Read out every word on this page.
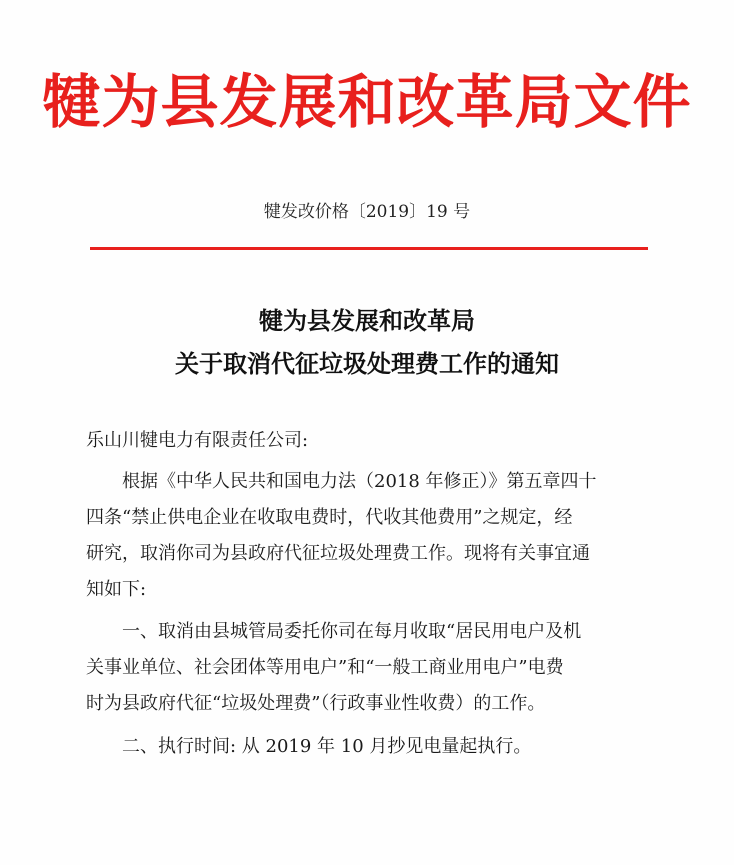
犍为县发展和改革局文件
犍发改价格〔2019〕19 号
犍为县发展和改革局
关于取消代征垃圾处理费工作的通知
乐山川犍电力有限责任公司:
根据《中华人民共和国电力法（2018 年修正）》第五章四十
四条“禁止供电企业在收取电费时，代收其他费用”之规定，经
研究，取消你司为县政府代征垃圾处理费工作。现将有关事宜通
知如下:
一、取消由县城管局委托你司在每月收取“居民用电户及机
关事业单位、社会团体等用电户”和“一般工商业用电户”电费
时为县政府代征“垃圾处理费”（行政事业性收费）的工作。
二、执行时间: 从 2019 年 10 月抄见电量起执行。
